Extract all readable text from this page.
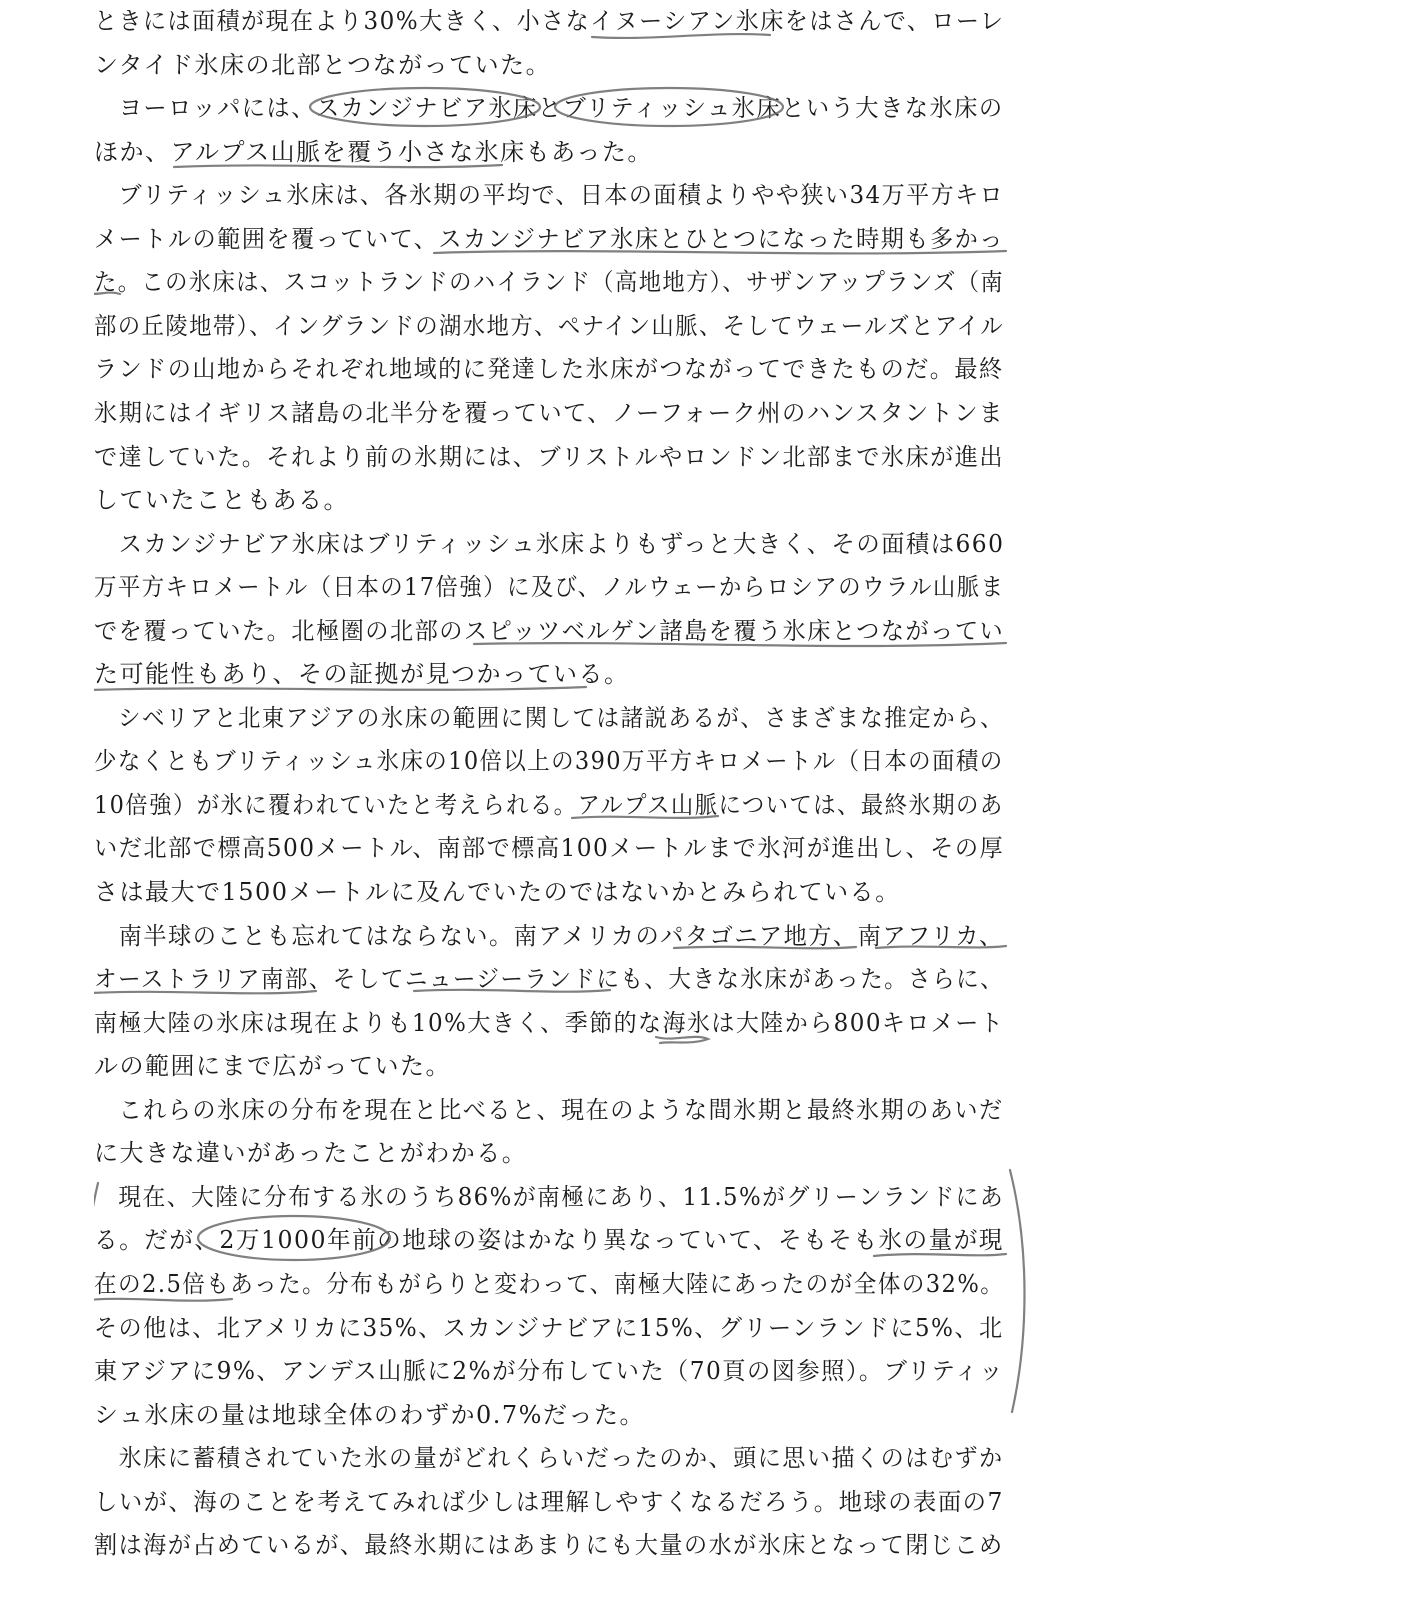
ときには面積が現在より30%大きく、小さなイヌーシアン氷床をはさんで、ローレ
ンタイド氷床の北部とつながっていた。
　ヨーロッパには、スカンジナビア氷床とブリティッシュ氷床という大きな氷床の
ほか、アルプス山脈を覆う小さな氷床もあった。
　ブリティッシュ氷床は、各氷期の平均で、日本の面積よりやや狭い34万平方キロ
メートルの範囲を覆っていて、スカンジナビア氷床とひとつになった時期も多かっ
た。この氷床は、スコットランドのハイランド（高地地方）、サザンアップランズ（南
部の丘陵地帯）、イングランドの湖水地方、ペナイン山脈、そしてウェールズとアイル
ランドの山地からそれぞれ地域的に発達した氷床がつながってできたものだ。最終
氷期にはイギリス諸島の北半分を覆っていて、ノーフォーク州のハンスタントンま
で達していた。それより前の氷期には、ブリストルやロンドン北部まで氷床が進出
していたこともある。
　スカンジナビア氷床はブリティッシュ氷床よりもずっと大きく、その面積は660
万平方キロメートル（日本の17倍強）に及び、ノルウェーからロシアのウラル山脈ま
でを覆っていた。北極圏の北部のスピッツベルゲン諸島を覆う氷床とつながってい
た可能性もあり、その証拠が見つかっている。
　シベリアと北東アジアの氷床の範囲に関しては諸説あるが、さまざまな推定から、
少なくともブリティッシュ氷床の10倍以上の390万平方キロメートル（日本の面積の
10倍強）が氷に覆われていたと考えられる。アルプス山脈については、最終氷期のあ
いだ北部で標高500メートル、南部で標高100メートルまで氷河が進出し、その厚
さは最大で1500メートルに及んでいたのではないかとみられている。
　南半球のことも忘れてはならない。南アメリカのパタゴニア地方、南アフリカ、
オーストラリア南部、そしてニュージーランドにも、大きな氷床があった。さらに、
南極大陸の氷床は現在よりも10%大きく、季節的な海氷は大陸から800キロメート
ルの範囲にまで広がっていた。
　これらの氷床の分布を現在と比べると、現在のような間氷期と最終氷期のあいだ
に大きな違いがあったことがわかる。
　現在、大陸に分布する氷のうち86%が南極にあり、11.5%がグリーンランドにあ
る。だが、2万1000年前の地球の姿はかなり異なっていて、そもそも氷の量が現
在の2.5倍もあった。分布もがらりと変わって、南極大陸にあったのが全体の32%。
その他は、北アメリカに35%、スカンジナビアに15%、グリーンランドに5%、北
東アジアに9%、アンデス山脈に2%が分布していた（70頁の図参照）。ブリティッ
シュ氷床の量は地球全体のわずか0.7%だった。
　氷床に蓄積されていた氷の量がどれくらいだったのか、頭に思い描くのはむずか
しいが、海のことを考えてみれば少しは理解しやすくなるだろう。地球の表面の7
割は海が占めているが、最終氷期にはあまりにも大量の水が氷床となって閉じこめ
